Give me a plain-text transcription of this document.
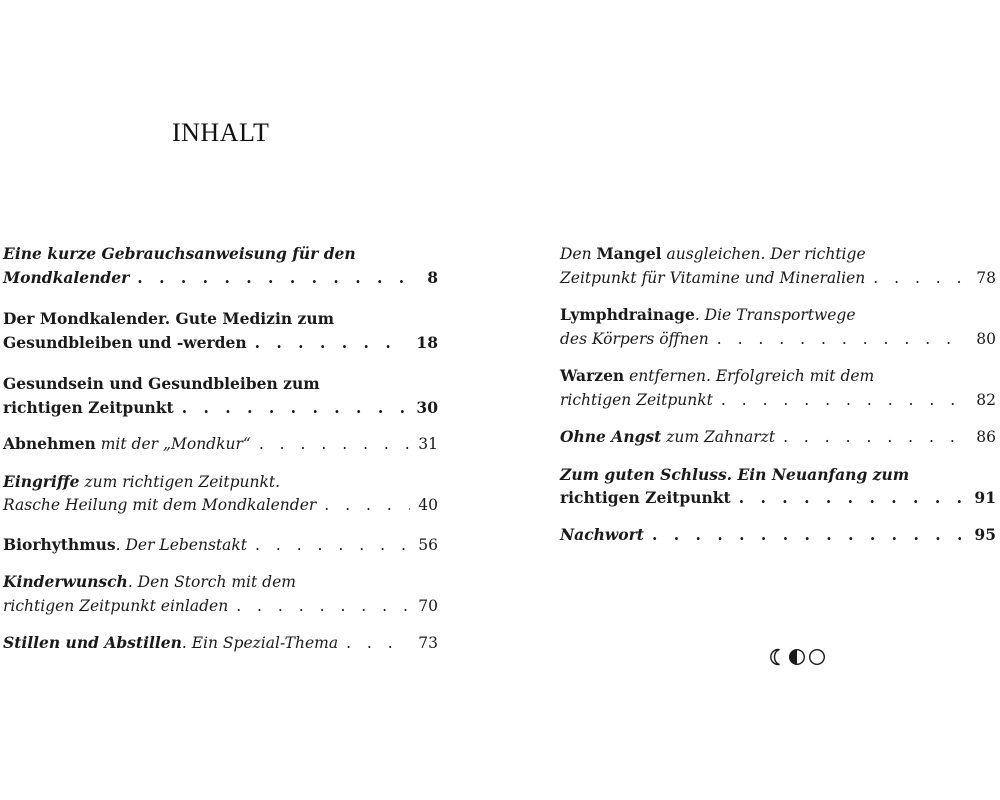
INHALT
Eine kurze Gebrauchsanweisung für den
Mondkalender . . .	8
Der Mondkalender. Gute Medizin zum
Gesundbleiben und -werden . . .	18
Gesundsein und Gesundbleiben zum
richtigen Zeitpunkt . . .	30
Abnehmen mit der „Mondkur“ . . .	31
Eingriffe zum richtigen Zeitpunkt.
Rasche Heilung mit dem Mondkalender . . .	40
Biorhythmus . Der Lebenstakt . . .	56
Kinderwunsch . Den Storch mit dem
richtigen Zeitpunkt einladen . . .	70
Stillen und Abstillen . Ein Spezial-Thema . . .	73
Den Mangel ausgleichen. Der richtige
Zeitpunkt für Vitamine und Mineralien . . .	78
Lymphdrainage . Die Transportwege
des Körpers öffnen . . .	80
Warzen entfernen. Erfolgreich mit dem
richtigen Zeitpunkt . . .	82
Ohne Angst zum Zahnarzt . . .	86
Zum guten Schluss. Ein Neuanfang zum
richtigen Zeitpunkt . . .	91
Nachwort . . .	95
